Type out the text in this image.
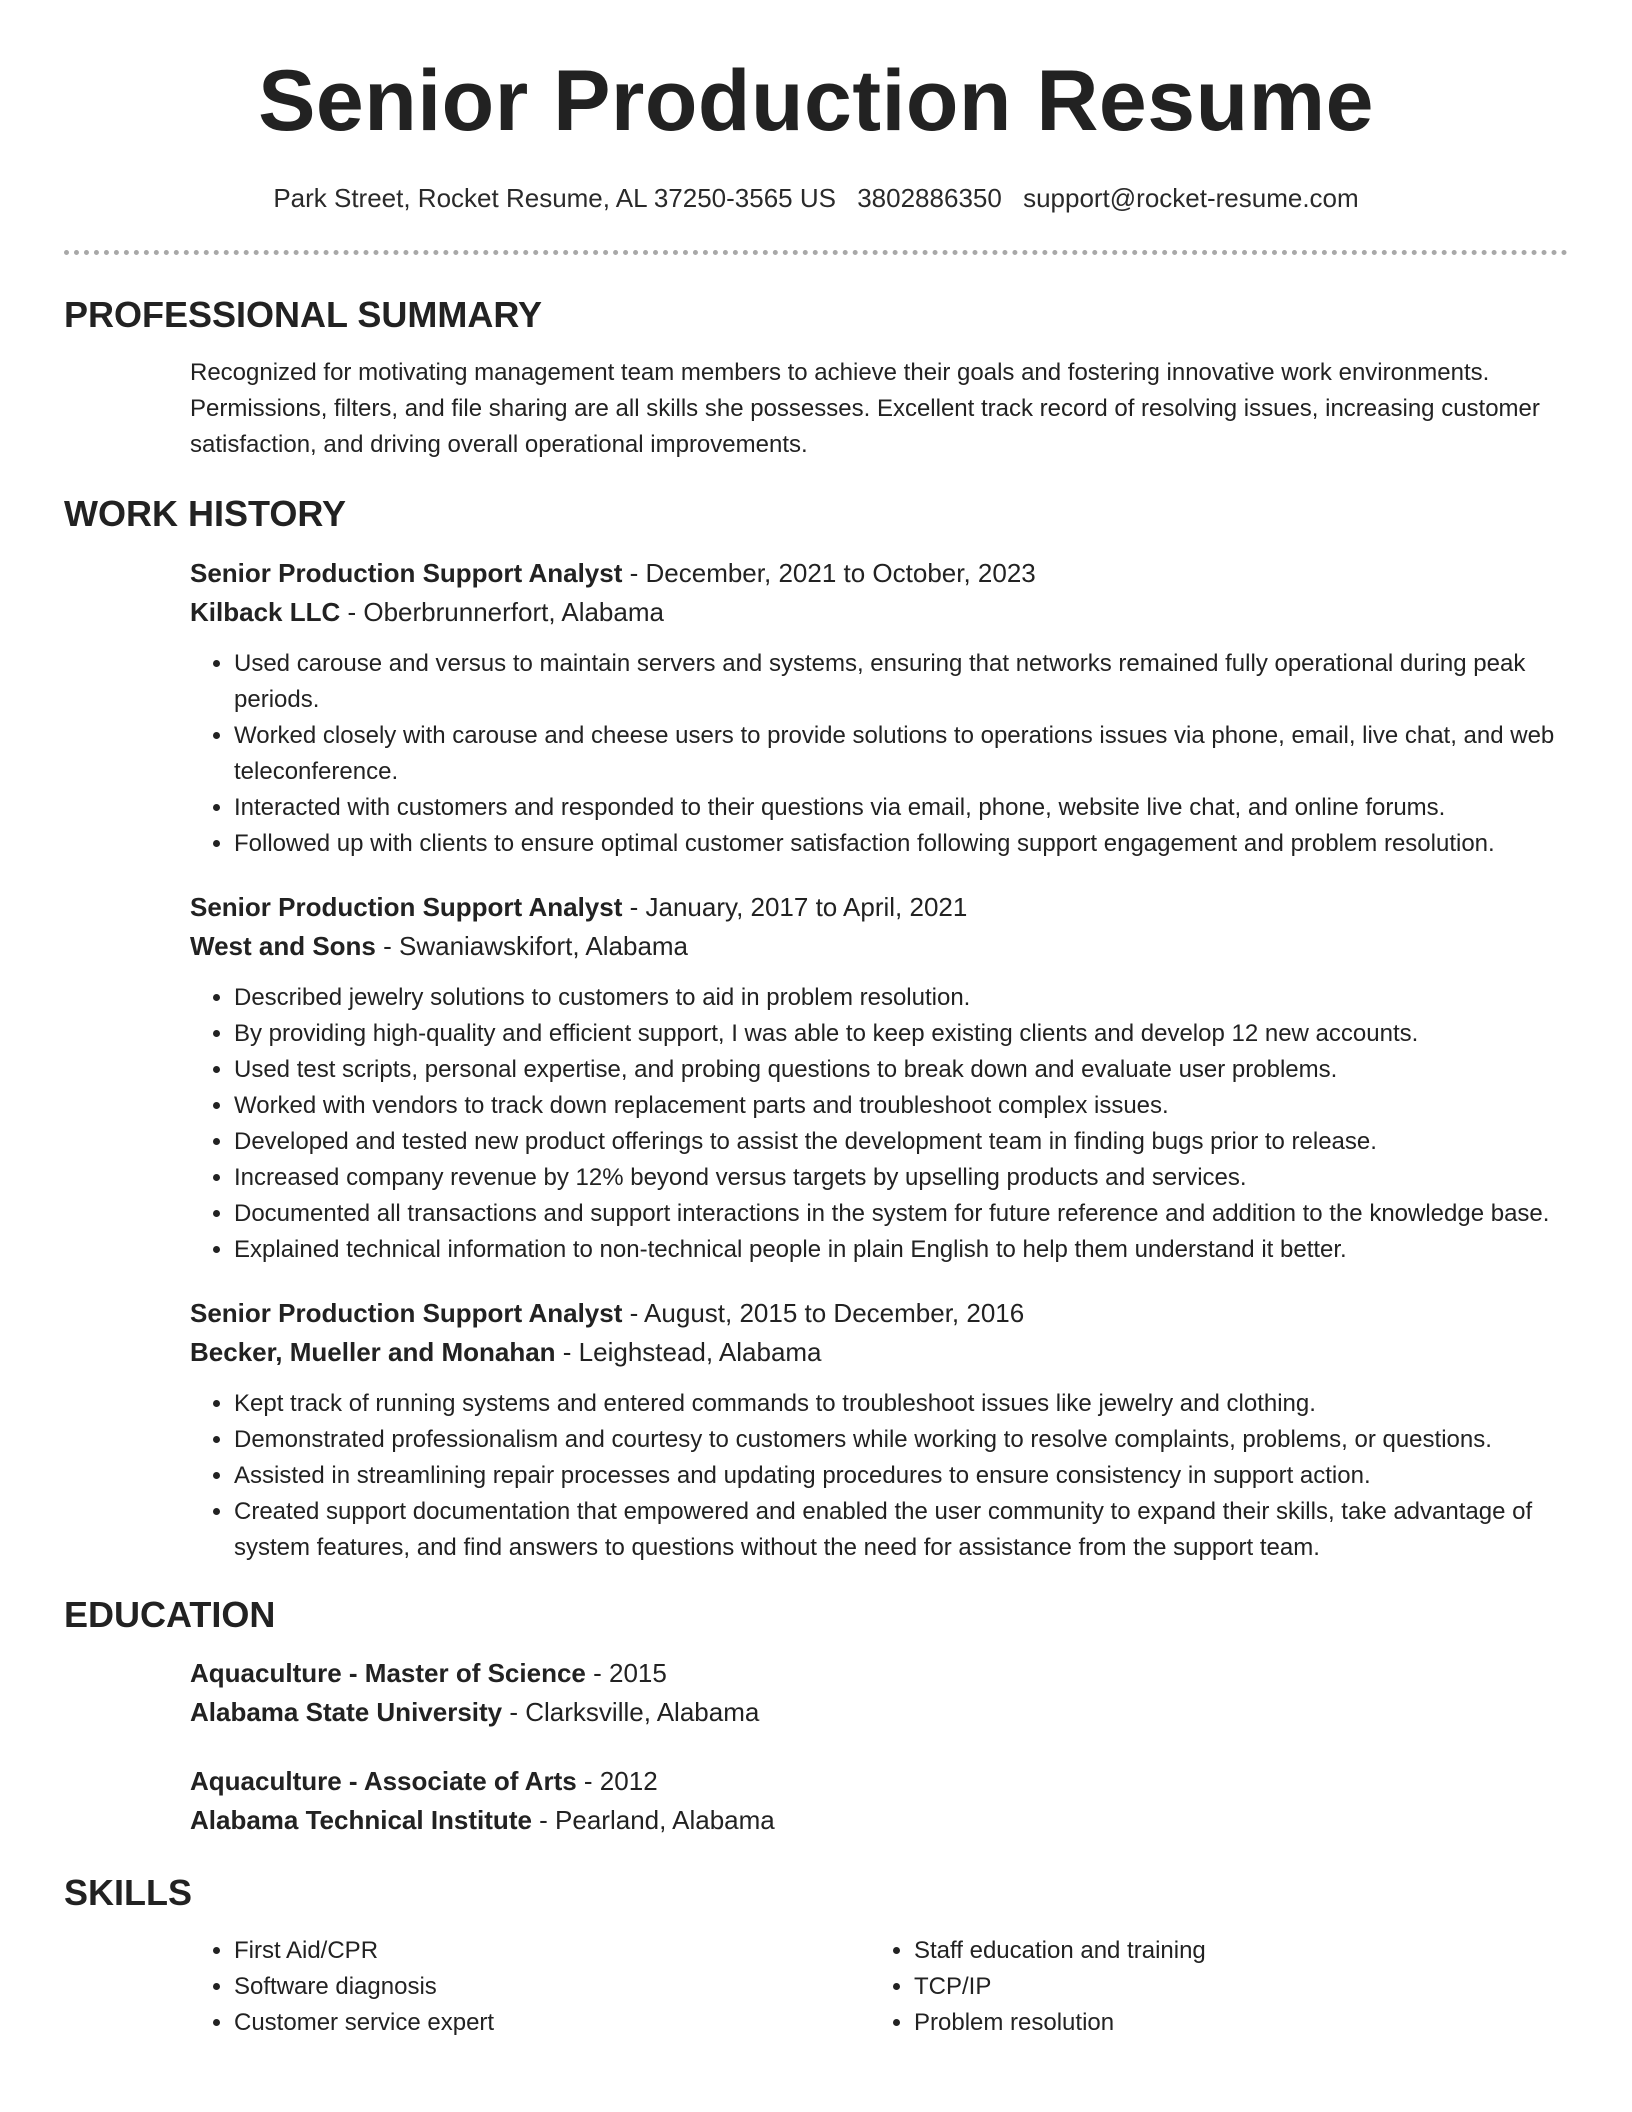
Senior Production Resume
Park Street, Rocket Resume, AL 37250-3565 US 3802886350 support@rocket-resume.com
PROFESSIONAL SUMMARY

Recognized for motivating management team members to achieve their goals and fostering innovative work environments. Permissions, filters, and file sharing are all skills she possesses. Excellent track record of resolving issues, increasing customer satisfaction, and driving overall operational improvements.

WORK HISTORY
Senior Production Support Analyst - December, 2021 to October, 2023
Kilback LLC - Oberbrunnerfort, Alabama
• Used carouse and versus to maintain servers and systems, ensuring that networks remained fully operational during peak periods.
• Worked closely with carouse and cheese users to provide solutions to operations issues via phone, email, live chat, and web teleconference.
• Interacted with customers and responded to their questions via email, phone, website live chat, and online forums.
• Followed up with clients to ensure optimal customer satisfaction following support engagement and problem resolution.
Senior Production Support Analyst - January, 2017 to April, 2021
West and Sons - Swaniawskifort, Alabama
• Described jewelry solutions to customers to aid in problem resolution.
• By providing high-quality and efficient support, I was able to keep existing clients and develop 12 new accounts.
• Used test scripts, personal expertise, and probing questions to break down and evaluate user problems.
• Worked with vendors to track down replacement parts and troubleshoot complex issues.
• Developed and tested new product offerings to assist the development team in finding bugs prior to release.
• Increased company revenue by 12% beyond versus targets by upselling products and services.
• Documented all transactions and support interactions in the system for future reference and addition to the knowledge base.
• Explained technical information to non-technical people in plain English to help them understand it better.
Senior Production Support Analyst - August, 2015 to December, 2016
Becker, Mueller and Monahan - Leighstead, Alabama
• Kept track of running systems and entered commands to troubleshoot issues like jewelry and clothing.
• Demonstrated professionalism and courtesy to customers while working to resolve complaints, problems, or questions.
• Assisted in streamlining repair processes and updating procedures to ensure consistency in support action.
• Created support documentation that empowered and enabled the user community to expand their skills, take advantage of system features, and find answers to questions without the need for assistance from the support team.
EDUCATION
Aquaculture - Master of Science - 2015
Alabama State University - Clarksville, Alabama
Aquaculture - Associate of Arts - 2012
Alabama Technical Institute - Pearland, Alabama
SKILLS
• First Aid/CPR
• Software diagnosis
• Customer service expert
• Staff education and training
• TCP/IP
• Problem resolution
